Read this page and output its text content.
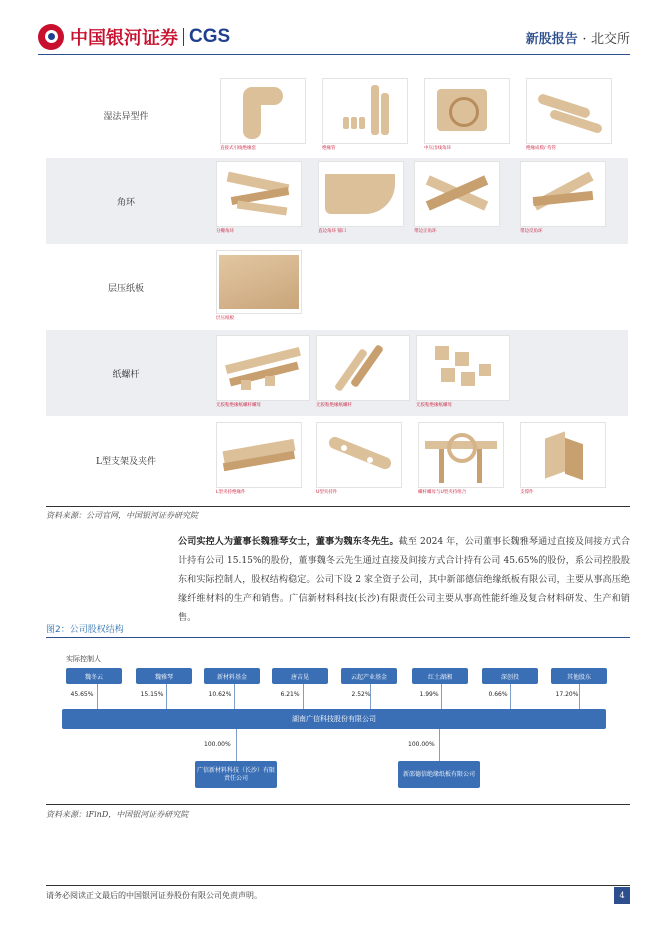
中国银河证券 CGS	新股报告 · 北交所
湿法异型件
直接式引线绝缘套	绝缘管	中压出线角环	绝缘成模/ 弯管
角环
分瓣角环	直边角环 铺口	带边正角环	带边反角环
层压纸板
层压纸板
纸螺杆
无胶粘绝缘纸螺杆螺母	无胶粘绝缘纸螺杆	无胶粘绝缘纸螺母
L型支架及夹件
L型夹持绝缘件	U型夹持件	螺杆螺母与U型夹持组合	支撑件
资料来源：公司官网，中国银河证券研究院
公司实控人为董事长魏雅琴女士，董事为魏东冬先生。截至 2024 年，公司董事长魏雅琴通过直接及间接方式合计持有公司 15.15%的股份，董事魏冬云先生通过直接及间接方式合计持有公司 45.65%的股份，系公司控股股东和实际控制人，股权结构稳定。公司下设 2 家全资子公司，其中新部德信绝缘纸板有限公司，主要从事高压绝缘纤维材料的生产和销售。广信新材料科技(长沙)有限责任公司主要从事高性能纤维及复合材料研发、生产和销售。
图2：公司股权结构
实际控制人
魏冬云	魏雅琴	新材料基金	唐吉晃	云起产业基金	红土湖湘	深创投	其他股东
45.65%	15.15%	10.62%	6.21%	2.52%	1.99%	0.66%	17.20%
湖南广信科技股份有限公司
100.00%	100.00%
广信新材料科技（长沙）有限责任公司
新邵德信绝缘纸板有限公司
资料来源：iFinD，中国银河证券研究院
请务必阅读正文最后的中国银河证券股份有限公司免责声明。	4
